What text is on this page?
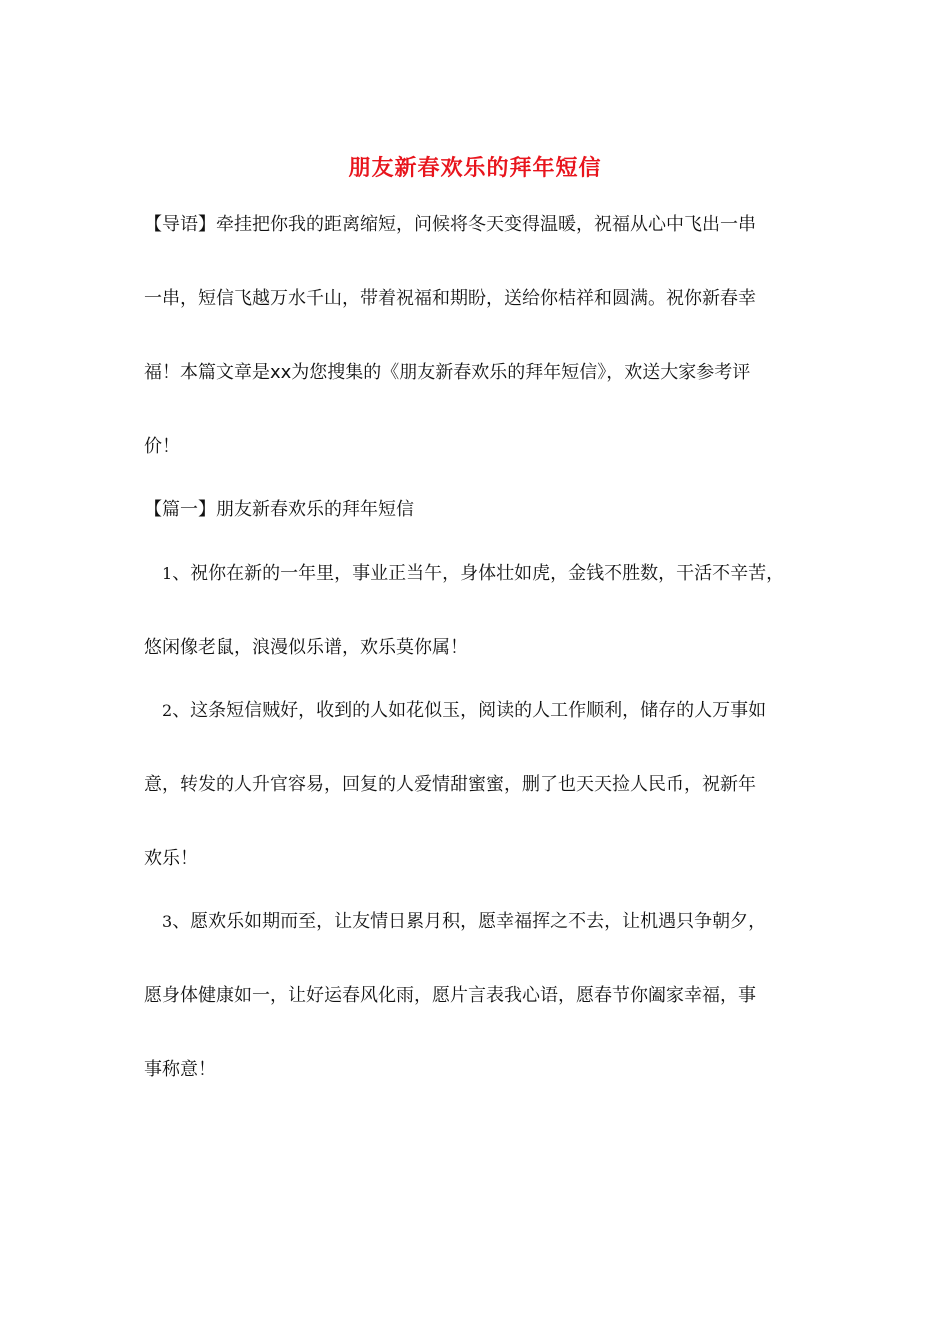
朋友新春欢乐的拜年短信
【导语】牵挂把你我的距离缩短，问候将冬天变得温暖，祝福从心中飞出一串
一串，短信飞越万水千山，带着祝福和期盼，送给你桔祥和圆满。祝你新春幸
福！本篇文章是xx为您搜集的《朋友新春欢乐的拜年短信》，欢送大家参考评
价！
【篇一】朋友新春欢乐的拜年短信
1、祝你在新的一年里，事业正当午，身体壮如虎，金钱不胜数，干活不辛苦，
悠闲像老鼠，浪漫似乐谱，欢乐莫你属！
2、这条短信贼好，收到的人如花似玉，阅读的人工作顺利，储存的人万事如
意，转发的人升官容易，回复的人爱情甜蜜蜜，删了也天天捡人民币，祝新年
欢乐！
3、愿欢乐如期而至，让友情日累月积，愿幸福挥之不去，让机遇只争朝夕，
愿身体健康如一，让好运春风化雨，愿片言表我心语，愿春节你阖家幸福，事
事称意！
